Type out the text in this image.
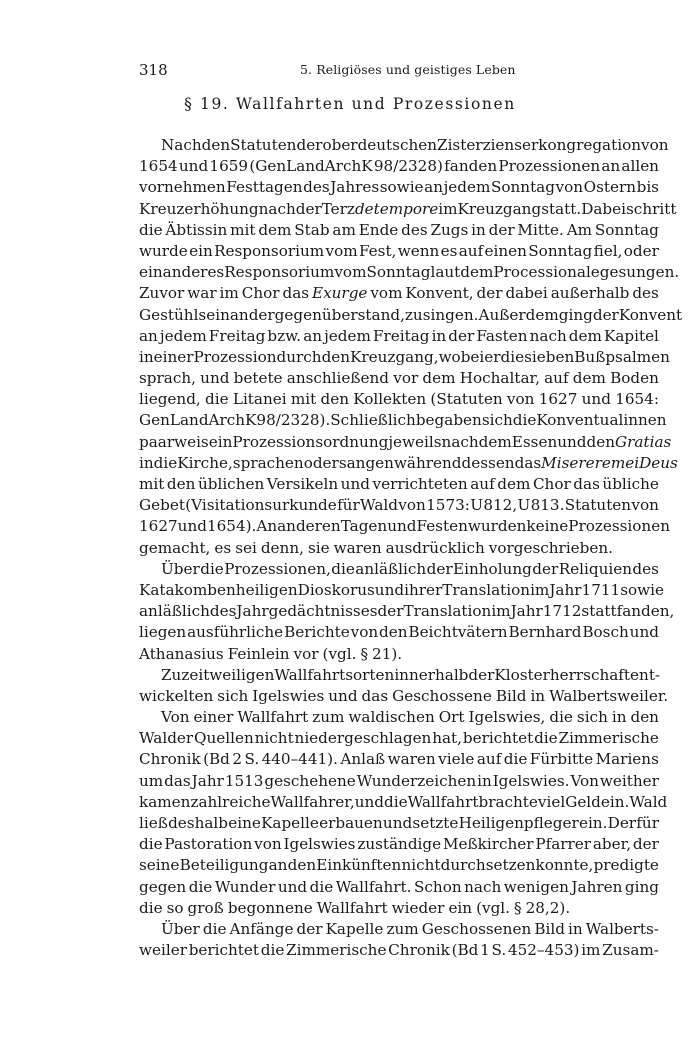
318	5. Religiöses und geistiges Leben
§ 19. Wallfahrten und Prozessionen
Nach den Statuten der oberdeutschen Zisterzienserkongregation von
1654 und 1659 (GenLandArchK 98/2328) fanden Prozessionen an allen
vornehmen Festtagen des Jahres sowie an jedem Sonntag von Ostern bis
Kreuzerhöhung nach der Terz de tempore im Kreuzgang statt. Dabei schritt
die Äbtissin mit dem Stab am Ende des Zugs in der Mitte. Am Sonntag
wurde ein Responsorium vom Fest, wenn es auf einen Sonntag fiel, oder
ein anderes Responsorium vom Sonntag laut dem Processionale gesungen.
Zuvor war im Chor das Exurge vom Konvent, der dabei außerhalb des
Gestühls einander gegenüberstand, zu singen. Außerdem ging der Konvent
an jedem Freitag bzw. an jedem Freitag in der Fasten nach dem Kapitel
in einer Prozession durch den Kreuzgang, wobei er die sieben Bußpsalmen
sprach, und betete anschließend vor dem Hochaltar, auf dem Boden
liegend, die Litanei mit den Kollekten (Statuten von 1627 und 1654:
GenLandArchK 98/2328). Schließlich begaben sich die Konventualinnen
paarweise in Prozessionsordnung jeweils nach dem Essen und den Gratias
in die Kirche, sprachen oder sangen währenddessen das Miserere mei Deus
mit den üblichen Versikeln und verrichteten auf dem Chor das übliche
Gebet (Visitationsurkunde für Wald von 1573: U 812, U 813. Statuten von
1627 und 1654). An anderen Tagen und Festen wurden keine Prozessionen
gemacht, es sei denn, sie waren ausdrücklich vorgeschrieben.
Über die Prozessionen, die anläßlich der Einholung der Reliquien des
Katakombenheiligen Dioskorus und ihrer Translation im Jahr 1711 sowie
anläßlich des Jahrgedächtnisses der Translation im Jahr 1712 stattfanden,
liegen ausführliche Berichte von den Beichtvätern Bernhard Bosch und
Athanasius Feinlein vor (vgl. § 21).
Zu zeitweiligen Wallfahrtsorten innerhalb der Klosterherrschaft ent-
wickelten sich Igelswies und das Geschossene Bild in Walbertsweiler.
Von einer Wallfahrt zum waldischen Ort Igelswies, die sich in den
Walder Quellen nicht niedergeschlagen hat, berichtet die Zimmerische
Chronik (Bd 2 S. 440–441). Anlaß waren viele auf die Fürbitte Mariens
um das Jahr 1513 geschehene Wunderzeichen in Igelswies. Von weither
kamen zahlreiche Wallfahrer, und die Wallfahrt brachte viel Geld ein. Wald
ließ deshalb eine Kapelle erbauen und setzte Heiligenpfleger ein. Der für
die Pastoration von Igelswies zuständige Meßkircher Pfarrer aber, der
seine Beteiligung an den Einkünften nicht durchsetzen konnte, predigte
gegen die Wunder und die Wallfahrt. Schon nach wenigen Jahren ging
die so groß begonnene Wallfahrt wieder ein (vgl. § 28,2).
Über die Anfänge der Kapelle zum Geschossenen Bild in Walberts-
weiler berichtet die Zimmerische Chronik (Bd 1 S. 452–453) im Zusam-
